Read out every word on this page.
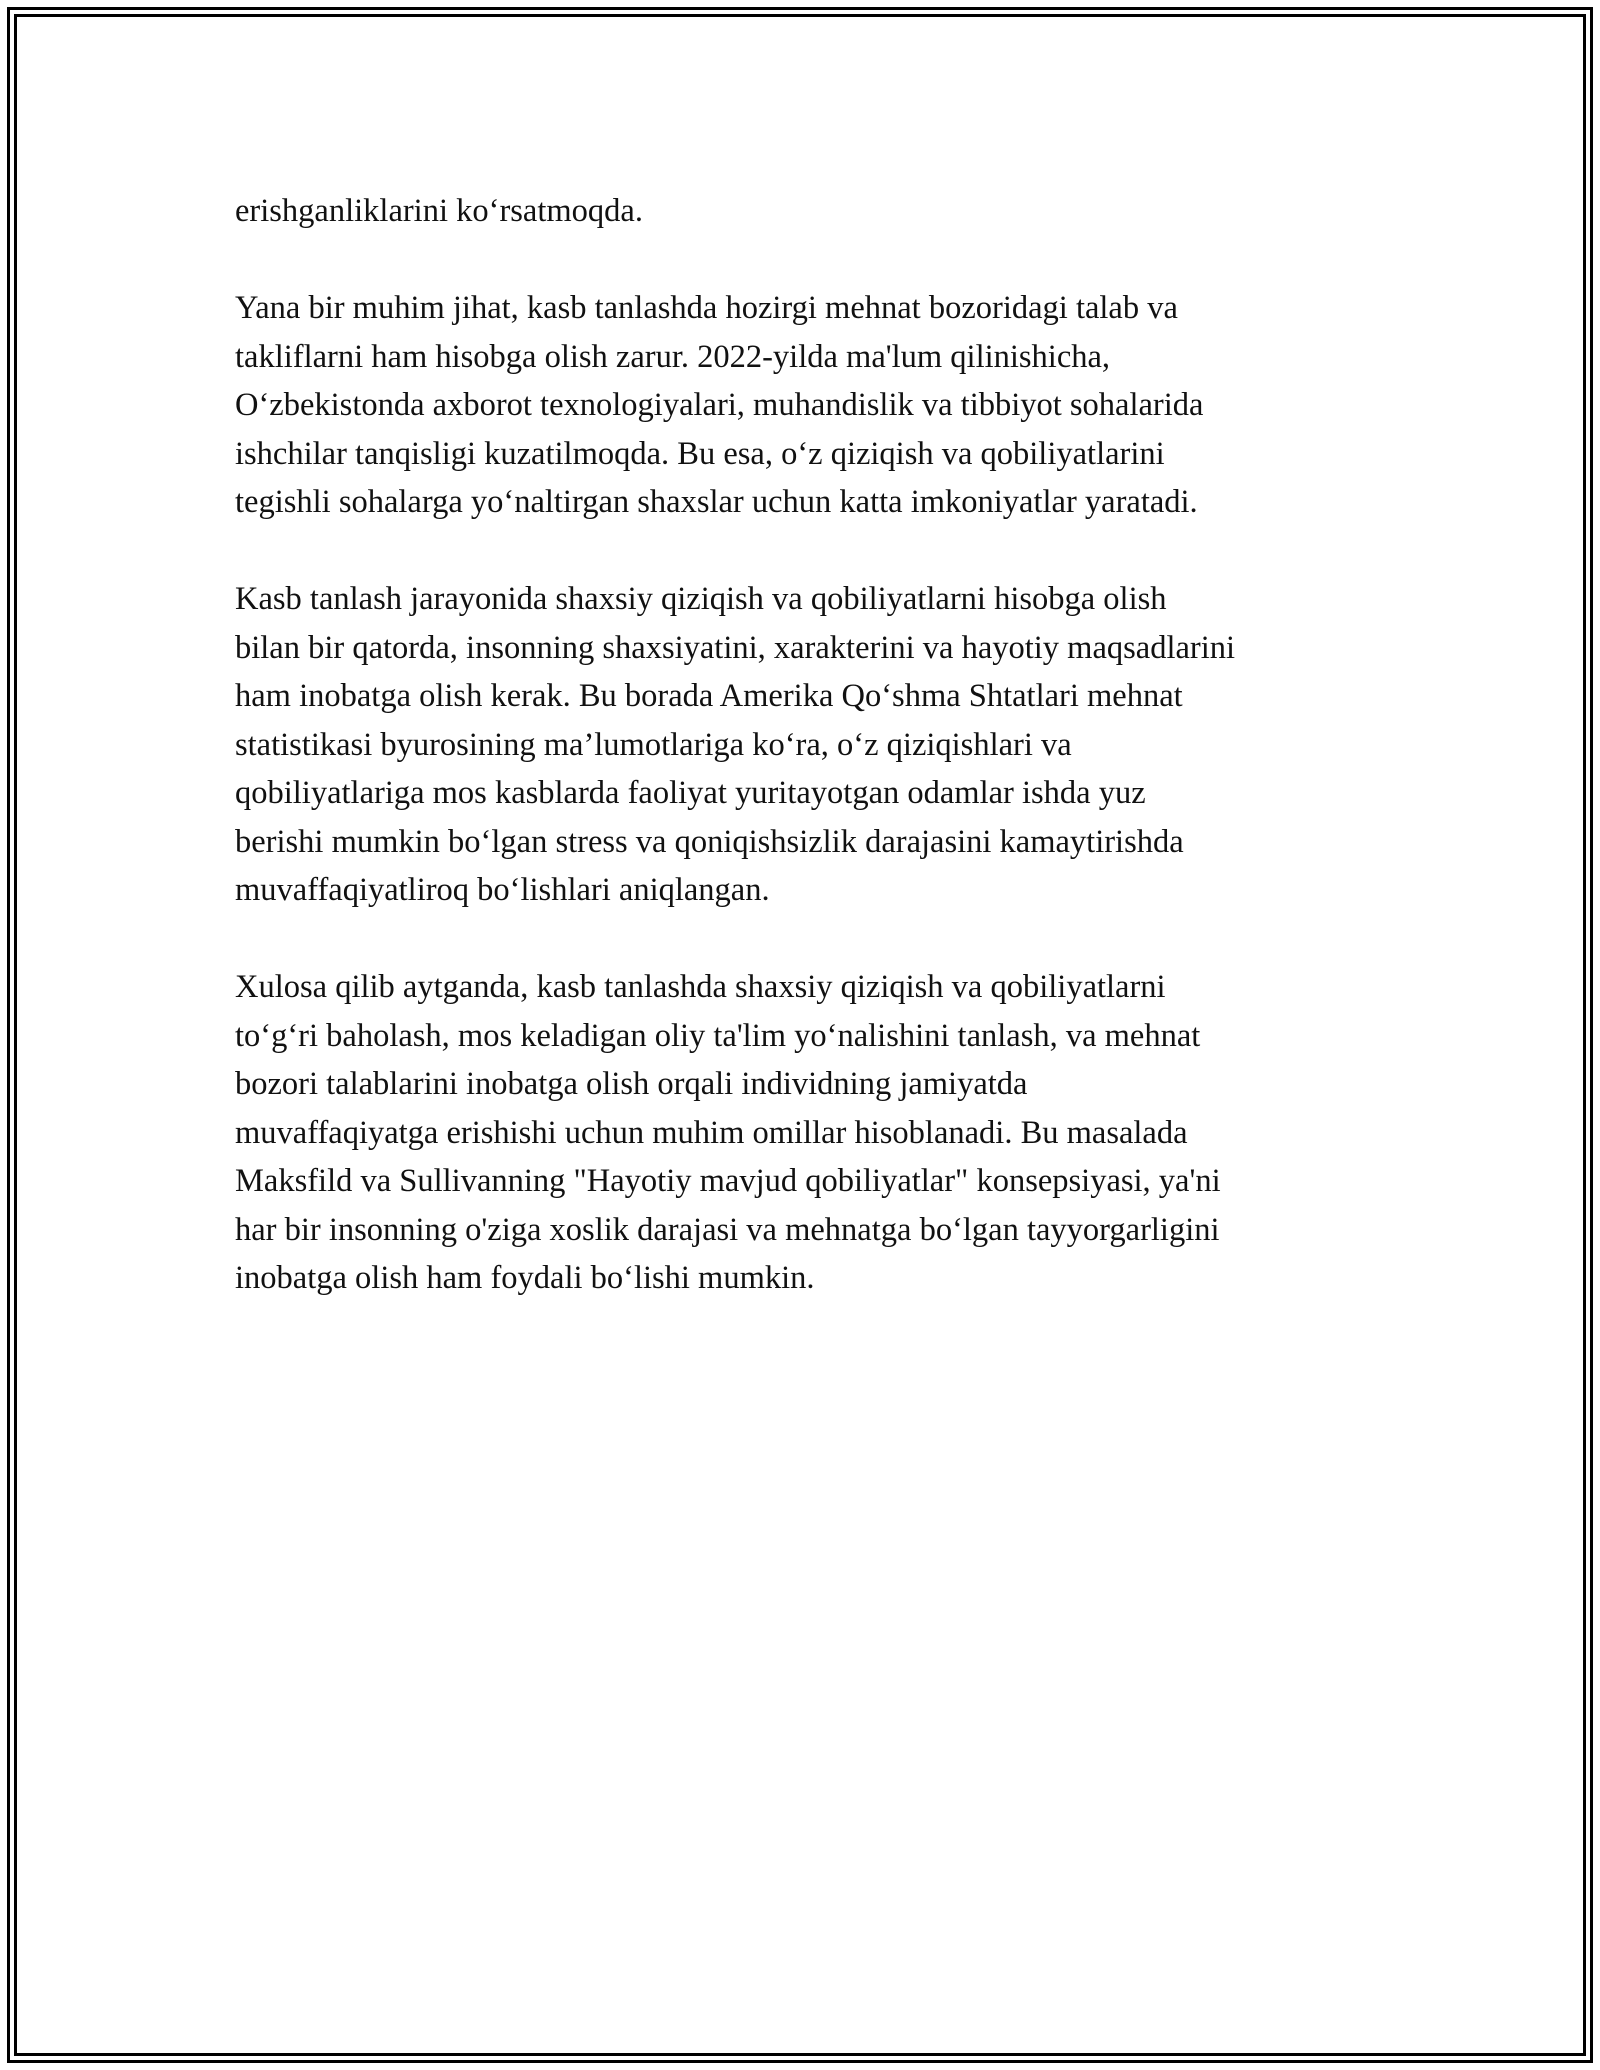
erishganliklarini ko‘rsatmoqda.

Yana bir muhim jihat, kasb tanlashda hozirgi mehnat bozoridagi talab va
takliflarni ham hisobga olish zarur. 2022-yilda ma'lum qilinishicha,
O‘zbekistonda axborot texnologiyalari, muhandislik va tibbiyot sohalarida
ishchilar tanqisligi kuzatilmoqda. Bu esa, o‘z qiziqish va qobiliyatlarini
tegishli sohalarga yo‘naltirgan shaxslar uchun katta imkoniyatlar yaratadi.

Kasb tanlash jarayonida shaxsiy qiziqish va qobiliyatlarni hisobga olish
bilan bir qatorda, insonning shaxsiyatini, xarakterini va hayotiy maqsadlarini
ham inobatga olish kerak. Bu borada Amerika Qo‘shma Shtatlari mehnat
statistikasi byurosining ma’lumotlariga ko‘ra, o‘z qiziqishlari va
qobiliyatlariga mos kasblarda faoliyat yuritayotgan odamlar ishda yuz
berishi mumkin bo‘lgan stress va qoniqishsizlik darajasini kamaytirishda
muvaffaqiyatliroq bo‘lishlari aniqlangan.

Xulosa qilib aytganda, kasb tanlashda shaxsiy qiziqish va qobiliyatlarni
to‘g‘ri baholash, mos keladigan oliy ta'lim yo‘nalishini tanlash, va mehnat
bozori talablarini inobatga olish orqali individning jamiyatda
muvaffaqiyatga erishishi uchun muhim omillar hisoblanadi. Bu masalada
Maksfild va Sullivanning "Hayotiy mavjud qobiliyatlar" konsepsiyasi, ya'ni
har bir insonning o'ziga xoslik darajasi va mehnatga bo‘lgan tayyorgarligini
inobatga olish ham foydali bo‘lishi mumkin.
